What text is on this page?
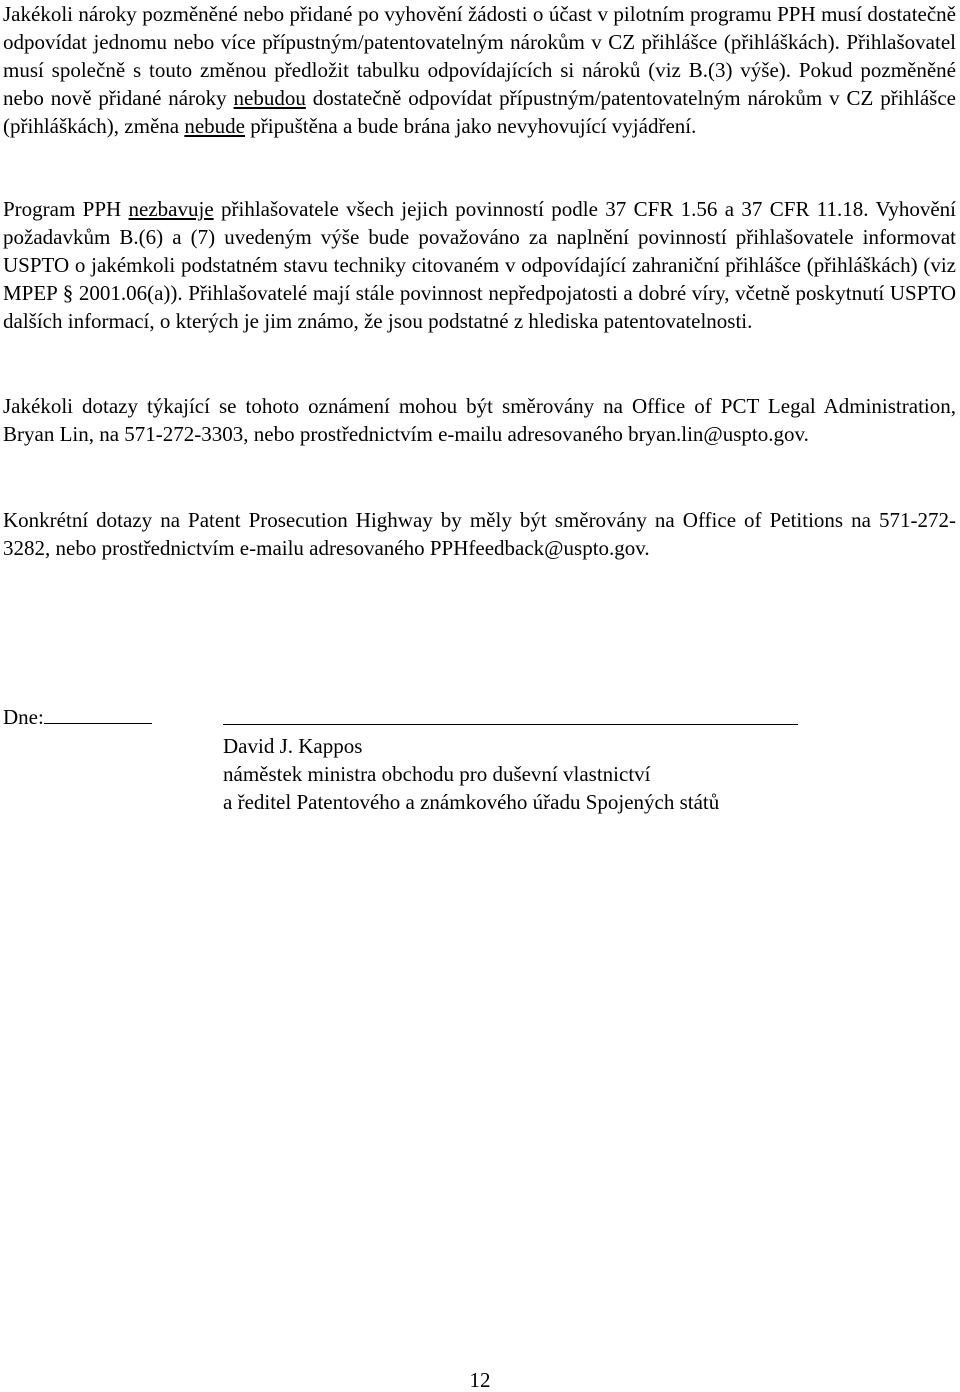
Jakékoli nároky pozměněné nebo přidané po vyhovění žádosti o účast v pilotním programu PPH musí dostatečně odpovídat jednomu nebo více přípustným/patentovatelným nárokům v CZ přihlášce (přihláškách). Přihlašovatel musí společně s touto změnou předložit tabulku odpovídajících si nároků (viz B.(3) výše). Pokud pozměněné nebo nově přidané nároky nebudou dostatečně odpovídat přípustným/patentovatelným nárokům v CZ přihlášce (přihláškách), změna nebude připuštěna a bude brána jako nevyhovující vyjádření.

Program PPH nezbavuje přihlašovatele všech jejich povinností podle 37 CFR 1.56 a 37 CFR 11.18. Vyhovění požadavkům B.(6) a (7) uvedeným výše bude považováno za naplnění povinností přihlašovatele informovat USPTO o jakémkoli podstatném stavu techniky citovaném v odpovídající zahraniční přihlášce (přihláškách) (viz MPEP § 2001.06(a)). Přihlašovatelé mají stále povinnost nepředpojatosti a dobré víry, včetně poskytnutí USPTO dalších informací, o kterých je jim známo, že jsou podstatné z hlediska patentovatelnosti.

Jakékoli dotazy týkající se tohoto oznámení mohou být směrovány na Office of PCT Legal Administration, Bryan Lin, na 571-272-3303, nebo prostřednictvím e-mailu adresovaného bryan.lin@uspto.gov.

Konkrétní dotazy na Patent Prosecution Highway by měly být směrovány na Office of Petitions na 571-272-3282, nebo prostřednictvím e-mailu adresovaného PPHfeedback@uspto.gov.

Dne:
David J. Kappos
náměstek ministra obchodu pro duševní vlastnictví
a ředitel Patentového a známkového úřadu Spojených států
12
